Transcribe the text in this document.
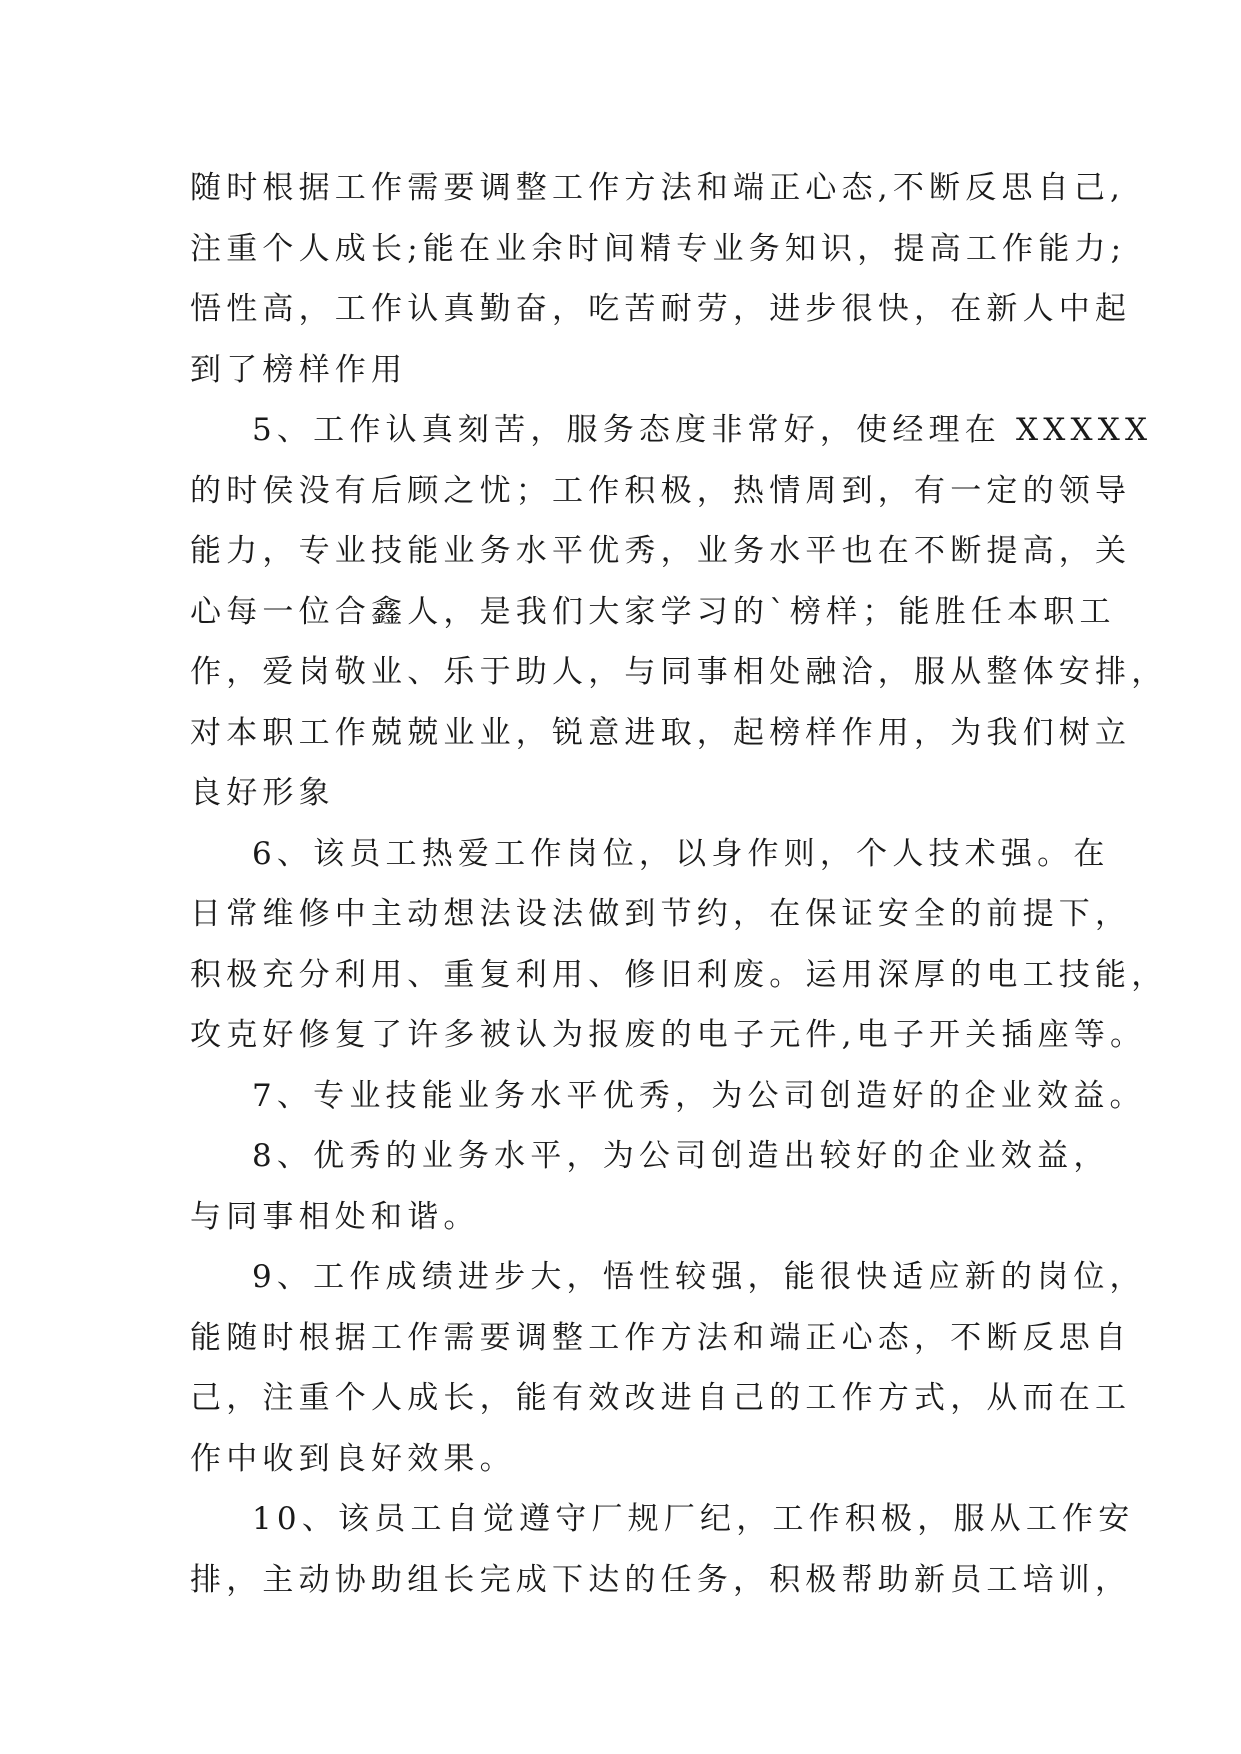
随时根据工作需要调整工作方法和端正心态,不断反思自己,
注重个人成长;能在业余时间精专业务知识，提高工作能力;
悟性高，工作认真勤奋，吃苦耐劳，进步很快，在新人中起
到了榜样作用
5、工作认真刻苦，服务态度非常好，使经理在 XXXXX
的时侯没有后顾之忧；工作积极，热情周到，有一定的领导
能力，专业技能业务水平优秀，业务水平也在不断提高，关
心每一位合鑫人，是我们大家学习的`榜样；能胜任本职工
作，爱岗敬业、乐于助人，与同事相处融洽，服从整体安排，
对本职工作兢兢业业，锐意进取，起榜样作用，为我们树立
良好形象
6、该员工热爱工作岗位，以身作则，个人技术强。在
日常维修中主动想法设法做到节约，在保证安全的前提下，
积极充分利用、重复利用、修旧利废。运用深厚的电工技能，
攻克好修复了许多被认为报废的电子元件,电子开关插座等。
7、专业技能业务水平优秀，为公司创造好的企业效益。
8、优秀的业务水平，为公司创造出较好的企业效益，
与同事相处和谐。
9、工作成绩进步大，悟性较强，能很快适应新的岗位，
能随时根据工作需要调整工作方法和端正心态，不断反思自
己，注重个人成长，能有效改进自己的工作方式，从而在工
作中收到良好效果。
10、该员工自觉遵守厂规厂纪，工作积极，服从工作安
排，主动协助组长完成下达的任务，积极帮助新员工培训，
